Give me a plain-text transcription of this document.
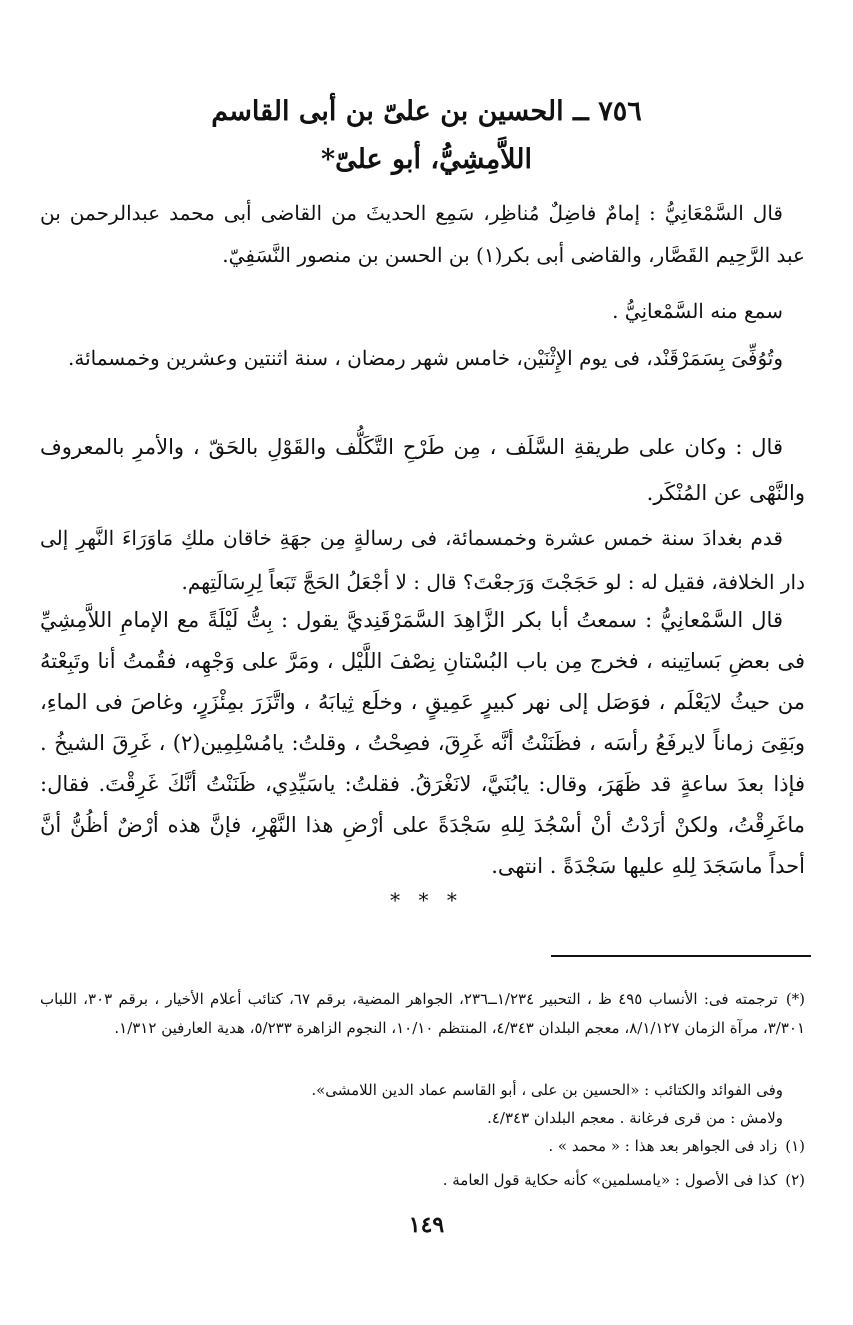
٧٥٦ ــ الحسين بن علىّ بن أبى القاسم
اللاَّمِشِيُّ، أبو علىّ*

قال السَّمْعَانِيُّ : إمامٌ فاضِلٌ مُناظِر، سَمِع الحديثَ من القاضى أبى محمد عبدالرحمن بن عبد الرَّحِيم القَصَّار، والقاضى أبى بكر(١) بن الحسن بن منصور النَّسَفِيّ.

سمع منه السَّمْعانِيُّ .

وتُوُفِّىَ بِسَمَرْقَنْد، فى يوم الإِثْنَيْن، خامس شهر رمضان ، سنة اثنتين وعشرين وخمسمائة.

قال : وكان على طريقةِ السَّلَف ، مِن طَرْحِ التَّكَلُّف والقَوْلِ بالحَقّ ، والأمرِ بالمعروف والنَّهْى عن المُنْكَر.

قدم بغدادَ سنة خمس عشرة وخمسمائة، فى رسالةٍ مِن جهَةِ خاقان ملكِ مَاوَرَاءَ النَّهرِ إلى دار الخلافة، فقيل له : لو حَجَجْتَ وَرَجعْتَ؟ قال : لا أجْعَلُ الحَجَّ تَبَعاً لِرِسَالَتِهم.

قال السَّمْعانِيُّ : سمعتُ أبا بكر الزَّاهِدَ السَّمَرْقَنِديَّ يقول : بِتُّ لَيْلَةً مع الإمامِ اللاَّمِشِيِّ فى بعضِ بَساتِينه ، فخرج مِن باب البُسْتانِ نِصْفَ اللَّيْل ، ومَرَّ على وَجْهِه، فقُمتُ أنا وتَبِعْتهُ من حيثُ لايَعْلَم ، فوَصَل إلى نهر كبيرٍ عَمِيقٍ ، وخلَع ثِيابَهُ ، واتَّزَرَ بمِئْزَرٍ، وغاصَ فى الماءِ، وبَقِىَ زماناً لايرفَعُ رأسَه ، فظَنَنْتُ أنَّه غَرِقَ، فصِحْتُ ، وقلتُ: يامُسْلِمِين(٢) ، غَرِقَ الشيخُ . فإذا بعدَ ساعةٍ قد ظَهَرَ، وقال: يابُنَيَّ، لانَغْرَقُ. فقلتُ: ياسَيِّدِي، ظَنَنْتُ أنَّكَ غَرِقْتَ. فقال: ماغَرِقْتُ، ولكنْ أرَدْتُ أنْ أسْجُدَ لِلهِ سَجْدَةً على أرْضِ هذا النَّهْرِ، فإنَّ هذه أرْضٌ أظُنُّ أنَّ أحداً ماسَجَدَ لِلهِ عليها سَجْدَةً . انتهى.

* * *

(*)ترجمته فى: الأنساب ٤٩٥ ظ ، التحبير ١/٢٣٤ــ٢٣٦، الجواهر المضية، برقم ٦٧، كتائب أعلام الأخيار ، برقم ٣٠٣، اللباب ٣/٣٠١، مرآة الزمان ٨/١/١٢٧، معجم البلدان ٤/٣٤٣، المنتظم ١٠/١٠، النجوم الزاهرة ٥/٢٣٣، هدية العارفين ١/٣١٢.

وفى الفوائد والكتائب : «الحسين بن على ، أبو القاسم عماد الدين اللامشى».

ولامش : من قرى فرغانة . معجم البلدان ٤/٣٤٣.

(١)زاد فى الجواهر بعد هذا : « محمد » .

(٢)كذا فى الأصول : «يامسلمين» كأنه حكاية قول العامة .

١٤٩
